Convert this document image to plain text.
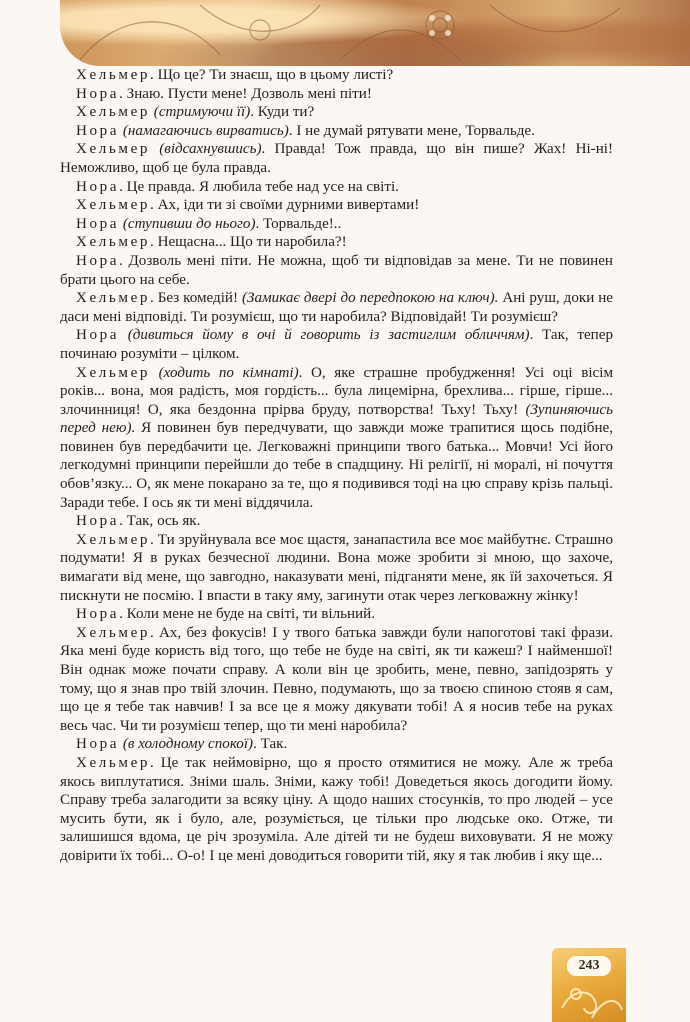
Хельмер. Що це? Ти знаєш, що в цьому листі?

Нора. Знаю. Пусти мене! Дозволь мені піти!

Хельмер (стримуючи її). Куди ти?

Нора (намагаючись вирватись). І не думай рятувати мене, Торвальде.

Хельмер (відсахнувшись). Правда! Тож правда, що він пише? Жах! Ні-ні! Неможливо, щоб це була правда.

Нора. Це правда. Я любила тебе над усе на світі.

Хельмер. Ах, іди ти зі своїми дурними вивертами!

Нора (ступивши до нього). Торвальде!..

Хельмер. Нещасна... Що ти наробила?!

Нора. Дозволь мені піти. Не можна, щоб ти відповідав за мене. Ти не повинен брати цього на себе.

Хельмер. Без комедій! (Замикає двері до передпокою на ключ). Ані руш, доки не даси мені відповіді. Ти розумієш, що ти наробила? Відповідай! Ти розумієш?

Нора (дивиться йому в очі й говорить із застиглим обличчям). Так, тепер починаю розуміти – цілком.

Хельмер (ходить по кімнаті). О, яке страшне пробудження! Усі оці вісім років... вона, моя радість, моя гордість... була лицемірна, брехлива... гірше, гірше... злочинниця! О, яка бездонна прірва бруду, потворства! Тьху! Тьху! (Зупиняючись перед нею). Я повинен був передчувати, що завжди може трапитися щось подібне, повинен був передбачити це. Легковажні принципи твого батька... Мовчи! Усі його легкодумні принципи перейшли до тебе в спадщину. Ні релігії, ні моралі, ні почуття обов’язку... О, як мене покарано за те, що я подивився тоді на цю справу крізь пальці. Заради тебе. І ось як ти мені віддячила.

Нора. Так, ось як.

Хельмер. Ти зруйнувала все моє щастя, занапастила все моє майбутнє. Страшно подумати! Я в руках безчесної людини. Вона може зробити зі мною, що захоче, вимагати від мене, що завгодно, наказувати мені, підганяти мене, як їй захочеться. Я пискнути не посмію. І впасти в таку яму, загинути отак через легковажну жінку!

Нора. Коли мене не буде на світі, ти вільний.

Хельмер. Ах, без фокусів! І у твого батька завжди були напоготові такі фрази. Яка мені буде користь від того, що тебе не буде на світі, як ти кажеш? І найменшої! Він однак може почати справу. А коли він це зробить, мене, певно, запідозрять у тому, що я знав про твій злочин. Певно, подумають, що за твоєю спиною стояв я сам, що це я тебе так навчив! І за все це я можу дякувати тобі! А я носив тебе на руках весь час. Чи ти розумієш тепер, що ти мені наробила?

Нора (в холодному спокої). Так.

Хельмер. Це так неймовірно, що я просто отямитися не можу. Але ж треба якось виплутатися. Зніми шаль. Зніми, кажу тобі! Доведеться якось догодити йому. Справу треба залагодити за всяку ціну. А щодо наших стосунків, то про людей – усе мусить бути, як і було, але, розуміється, це тільки про людське око. Отже, ти залишишся вдома, це річ зрозуміла. Але дітей ти не будеш виховувати. Я не можу довірити їх тобі... О-о! І це мені доводиться говорити тій, яку я так любив і яку ще...

243
